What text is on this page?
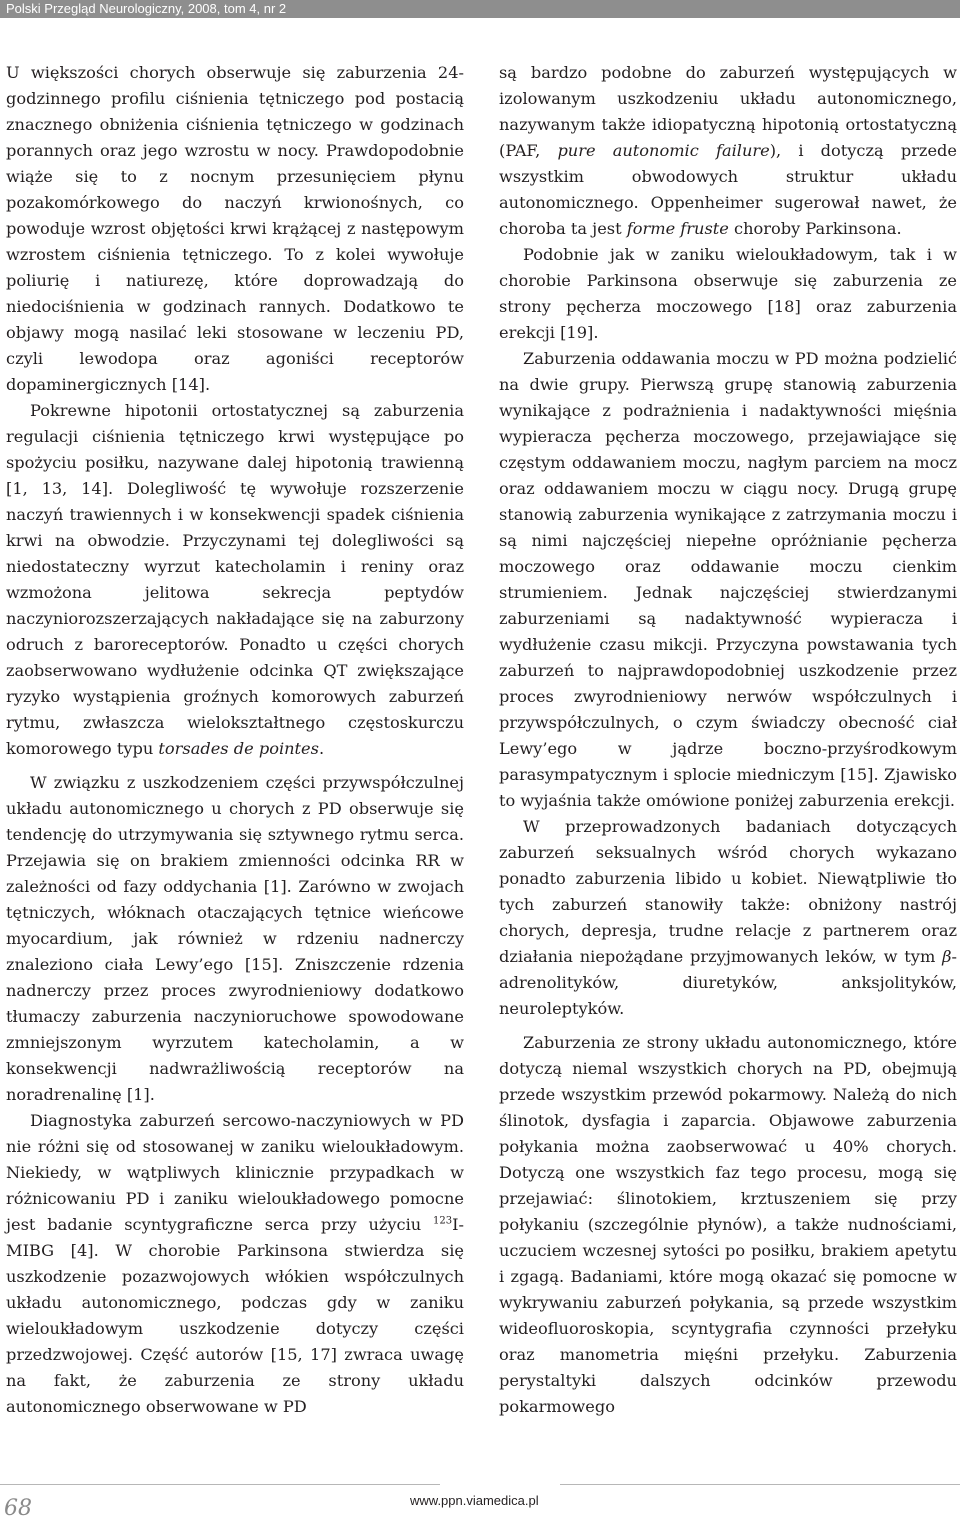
Polski Przegląd Neurologiczny, 2008, tom 4, nr 2

U większości chorych obserwuje się zaburzenia 24-godzinnego profilu ciśnienia tętniczego pod postacią znacznego obniżenia ciśnienia tętniczego w godzinach porannych oraz jego wzrostu w nocy. Prawdopodobnie wiąże się to z nocnym przesunięciem płynu pozakomórkowego do naczyń krwionośnych, co powoduje wzrost objętości krwi krążącej z następowym wzrostem ciśnienia tętniczego. To z kolei wywołuje poliurię i natiurezę, które doprowadzają do niedociśnienia w godzinach rannych. Dodatkowo te objawy mogą nasilać leki stosowane w leczeniu PD, czyli lewodopa oraz agoniści receptorów dopaminergicznych [14].

Pokrewne hipotonii ortostatycznej są zaburzenia regulacji ciśnienia tętniczego krwi występujące po spożyciu posiłku, nazywane dalej hipotonią trawienną [1, 13, 14]. Dolegliwość tę wywołuje rozszerzenie naczyń trawiennych i w konsekwencji spadek ciśnienia krwi na obwodzie. Przyczynami tej dolegliwości są niedostateczny wyrzut katecholamin i reniny oraz wzmożona jelitowa sekrecja peptydów naczyniorozszerzających nakładające się na zaburzony odruch z baroreceptorów. Ponadto u części chorych zaobserwowano wydłużenie odcinka QT zwiększające ryzyko wystąpienia groźnych komorowych zaburzeń rytmu, zwłaszcza wielokształtnego częstoskurczu komorowego typu torsades de pointes.

W związku z uszkodzeniem części przywspółczulnej układu autonomicznego u chorych z PD obserwuje się tendencję do utrzymywania się sztywnego rytmu serca. Przejawia się on brakiem zmienności odcinka RR w zależności od fazy oddychania [1]. Zarówno w zwojach tętniczych, włóknach otaczających tętnice wieńcowe myocardium, jak również w rdzeniu nadnerczy znaleziono ciała Lewy’ego [15]. Zniszczenie rdzenia nadnerczy przez proces zwyrodnieniowy dodatkowo tłumaczy zaburzenia naczynioruchowe spowodowane zmniejszonym wyrzutem katecholamin, a w konsekwencji nadwrażliwością receptorów na noradrenalinę [1].

Diagnostyka zaburzeń sercowo-naczyniowych w PD nie różni się od stosowanej w zaniku wieloukładowym. Niekiedy, w wątpliwych klinicznie przypadkach w różnicowaniu PD i zaniku wieloukładowego pomocne jest badanie scyntygraficzne serca przy użyciu $^{123}$I-MIBG [4]. W chorobie Parkinsona stwierdza się uszkodzenie pozazwojowych włókien współczulnych układu autonomicznego, podczas gdy w zaniku wieloukładowym uszkodzenie dotyczy części przedzwojowej. Część autorów [15, 17] zwraca uwagę na fakt, że zaburzenia ze strony układu autonomicznego obserwowane w PD

są bardzo podobne do zaburzeń występujących w izolowanym uszkodzeniu układu autonomicznego, nazywanym także idiopatyczną hipotonią ortostatyczną (PAF, pure autonomic failure), i dotyczą przede wszystkim obwodowych struktur układu autonomicznego. Oppenheimer sugerował nawet, że choroba ta jest forme fruste choroby Parkinsona.

Podobnie jak w zaniku wieloukładowym, tak i w chorobie Parkinsona obserwuje się zaburzenia ze strony pęcherza moczowego [18] oraz zaburzenia erekcji [19].

Zaburzenia oddawania moczu w PD można podzielić na dwie grupy. Pierwszą grupę stanowią zaburzenia wynikające z podrażnienia i nadaktywności mięśnia wypieracza pęcherza moczowego, przejawiające się częstym oddawaniem moczu, nagłym parciem na mocz oraz oddawaniem moczu w ciągu nocy. Drugą grupę stanowią zaburzenia wynikające z zatrzymania moczu i są nimi najczęściej niepełne opróżnianie pęcherza moczowego oraz oddawanie moczu cienkim strumieniem. Jednak najczęściej stwierdzanymi zaburzeniami są nadaktywność wypieracza i wydłużenie czasu mikcji. Przyczyna powstawania tych zaburzeń to najprawdopodobniej uszkodzenie przez proces zwyrodnieniowy nerwów współczulnych i przywspółczulnych, o czym świadczy obecność ciał Lewy’ego w jądrze boczno-przyśrodkowym parasympatycznym i splocie miedniczym [15]. Zjawisko to wyjaśnia także omówione poniżej zaburzenia erekcji.

W przeprowadzonych badaniach dotyczących zaburzeń seksualnych wśród chorych wykazano ponadto zaburzenia libido u kobiet. Niewątpliwie tło tych zaburzeń stanowiły także: obniżony nastrój chorych, depresja, trudne relacje z partnerem oraz działania niepożądane przyjmowanych leków, w tym β-adrenolityków, diuretyków, anksjolityków, neuroleptyków.

Zaburzenia ze strony układu autonomicznego, które dotyczą niemal wszystkich chorych na PD, obejmują przede wszystkim przewód pokarmowy. Należą do nich ślinotok, dysfagia i zaparcia. Objawowe zaburzenia połykania można zaobserwować u 40% chorych. Dotyczą one wszystkich faz tego procesu, mogą się przejawiać: ślinotokiem, krztuszeniem się przy połykaniu (szczególnie płynów), a także nudnościami, uczuciem wczesnej sytości po posiłku, brakiem apetytu i zgagą. Badaniami, które mogą okazać się pomocne w wykrywaniu zaburzeń połykania, są przede wszystkim wideofluoroskopia, scyntygrafia czynności przełyku oraz manometria mięśni przełyku. Zaburzenia perystaltyki dalszych odcinków przewodu pokarmowego

68	www.ppn.viamedica.pl
